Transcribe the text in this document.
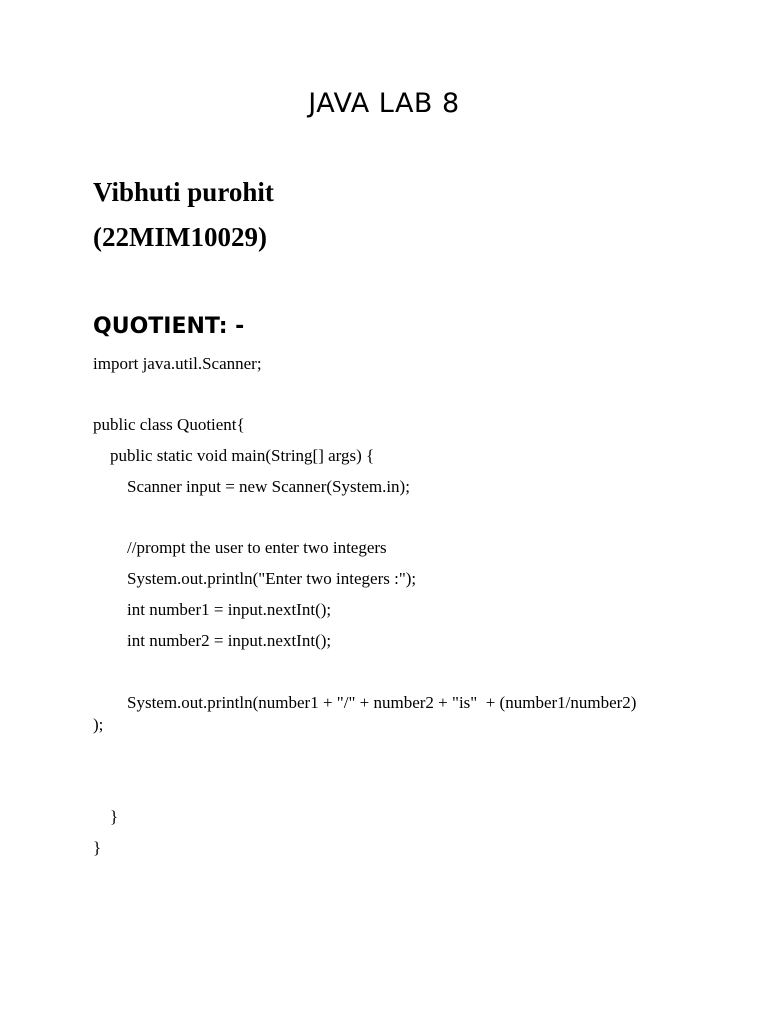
JAVA LAB 8
Vibhuti purohit
(22MIM10029)
QUOTIENT: -
import java.util.Scanner;
public class Quotient{
public static void main(String[] args) {
Scanner input = new Scanner(System.in);
//prompt the user to enter two integers
System.out.println("Enter two integers :");
int number1 = input.nextInt();
int number2 = input.nextInt();
System.out.println(number1 + "/" + number2 + "is"  + (number1/number2)
);
}
}
